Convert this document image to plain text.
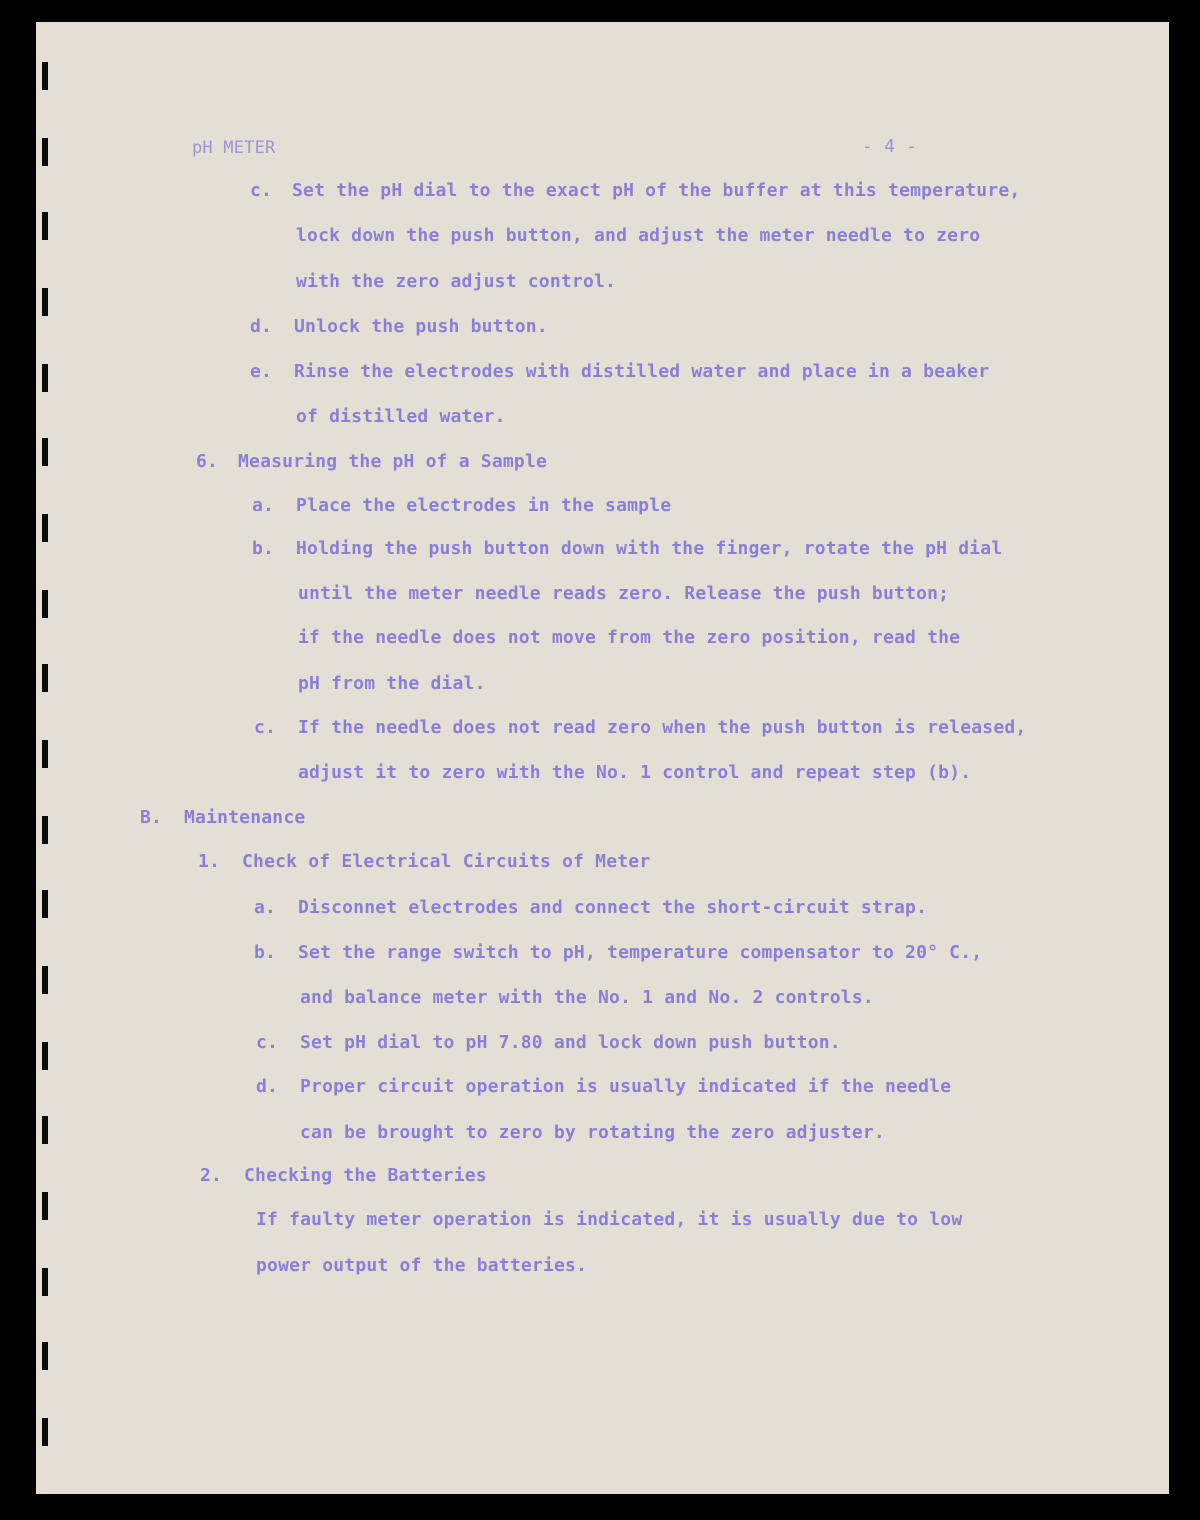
pH METER	- 4 -
c. Set the pH dial to the exact pH of the buffer at this temperature,
lock down the push button, and adjust the meter needle to zero
with the zero adjust control.
d. Unlock the push button.
e. Rinse the electrodes with distilled water and place in a beaker
of distilled water.
6. Measuring the pH of a Sample
a. Place the electrodes in the sample
b. Holding the push button down with the finger, rotate the pH dial
until the meter needle reads zero. Release the push button;
if the needle does not move from the zero position, read the
pH from the dial.
c. If the needle does not read zero when the push button is released,
adjust it to zero with the No. 1 control and repeat step (b).
B. Maintenance
1. Check of Electrical Circuits of Meter
a. Disconnet electrodes and connect the short-circuit strap.
b. Set the range switch to pH, temperature compensator to 20° C.,
and balance meter with the No. 1 and No. 2 controls.
c. Set pH dial to pH 7.80 and lock down push button.
d. Proper circuit operation is usually indicated if the needle
can be brought to zero by rotating the zero adjuster.
2. Checking the Batteries
If faulty meter operation is indicated, it is usually due to low
power output of the batteries.
